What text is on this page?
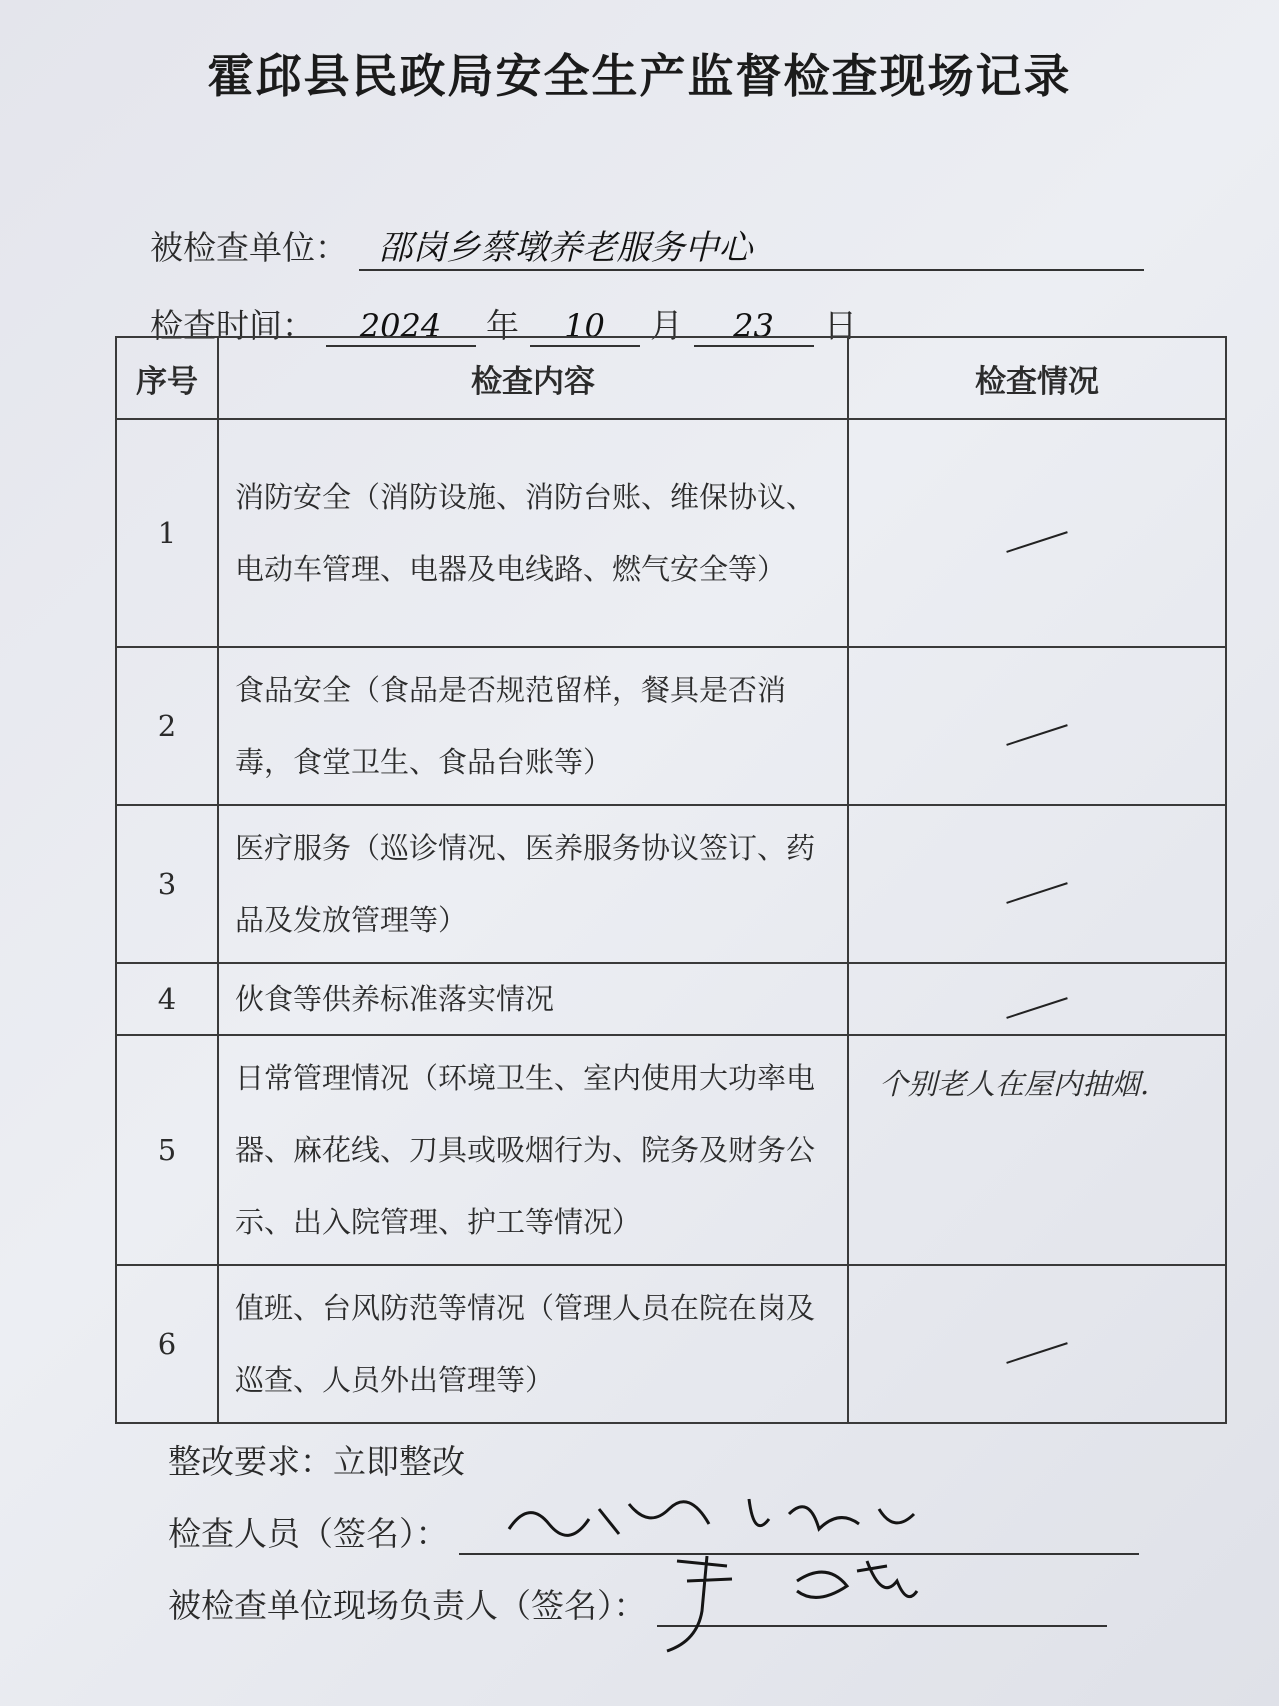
霍邱县民政局安全生产监督检查现场记录
被检查单位： 邵岗乡蔡墩养老服务中心
检查时间： 2024 年 10 月 23 日
序号	检查内容	检查情况
1	消防安全（消防设施、消防台账、维保协议、电动车管理、电器及电线路、燃气安全等）	
2	食品安全（食品是否规范留样，餐具是否消毒，食堂卫生、食品台账等）	
3	医疗服务（巡诊情况、医养服务协议签订、药品及发放管理等）	
4	伙食等供养标准落实情况	
5	日常管理情况（环境卫生、室内使用大功率电器、麻花线、刀具或吸烟行为、院务及财务公示、出入院管理、护工等情况）	个别老人在屋内抽烟.
6	值班、台风防范等情况（管理人员在院在岗及巡查、人员外出管理等）	
整改要求：立即整改
检查人员（签名）：
被检查单位现场负责人（签名）：
